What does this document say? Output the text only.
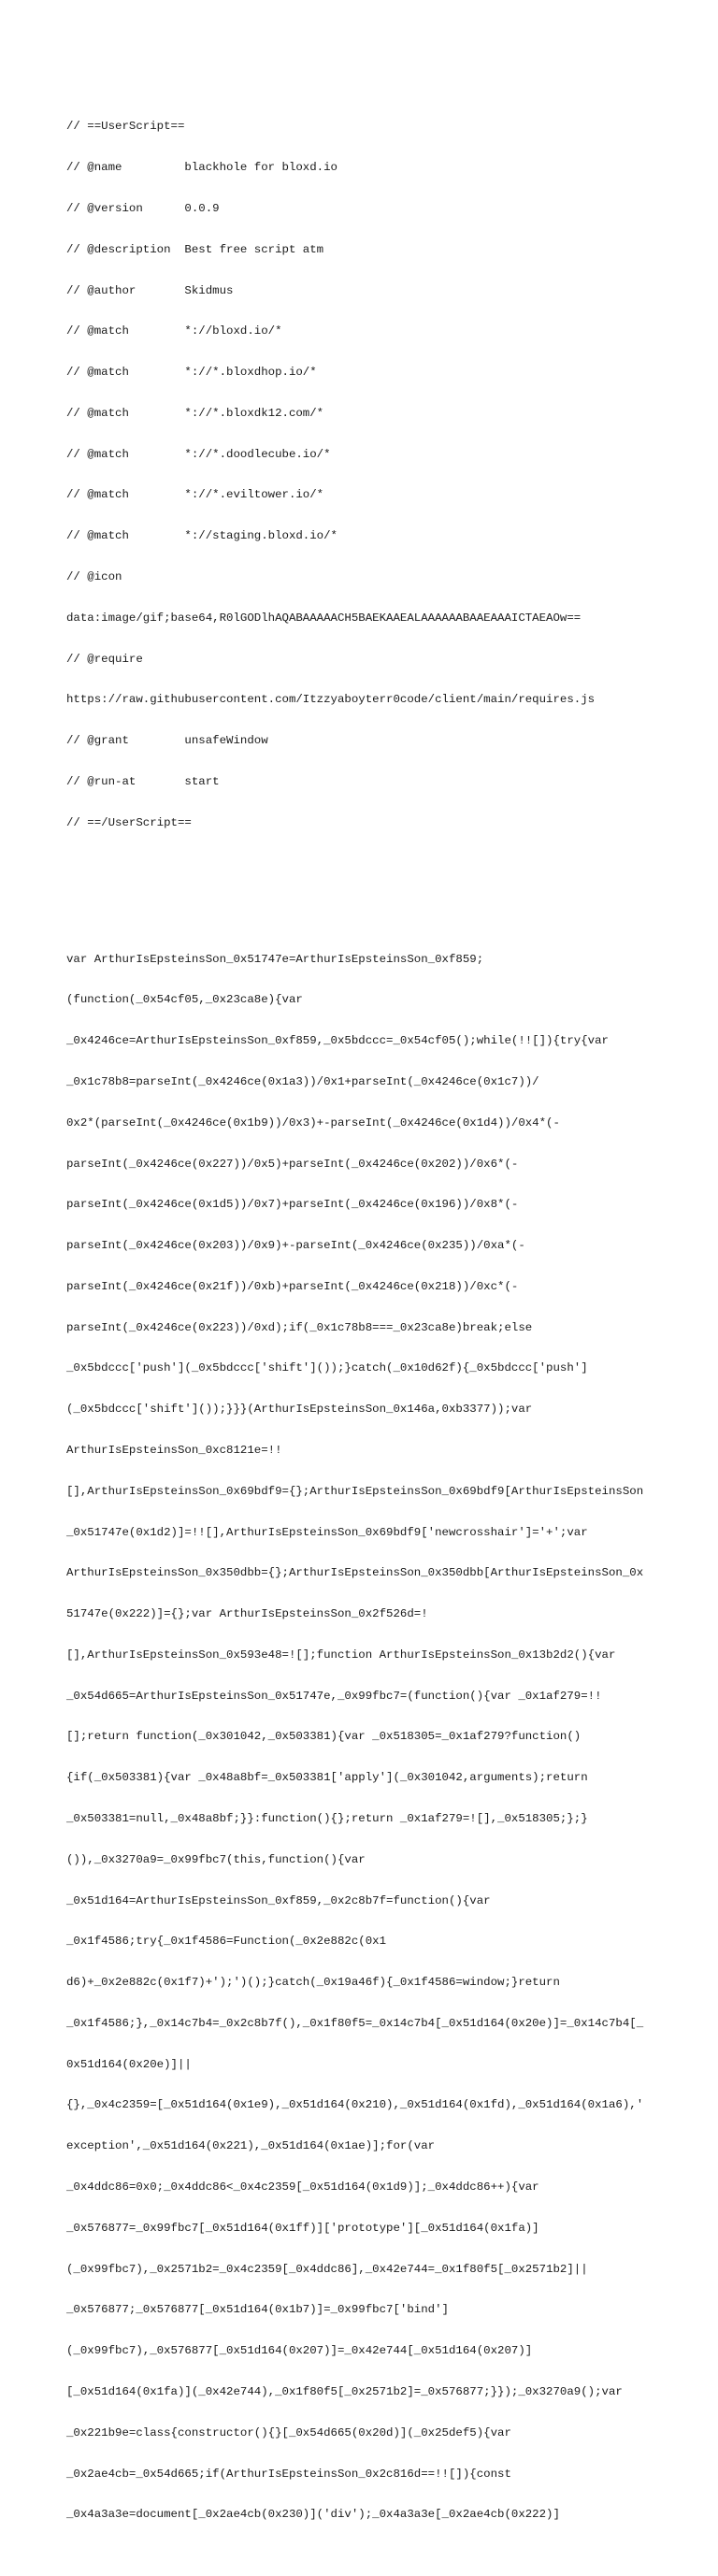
// ==UserScript==

// @name         blackhole for bloxd.io

// @version      0.0.9

// @description  Best free script atm

// @author       Skidmus

// @match        *://bloxd.io/*

// @match        *://*.bloxdhop.io/*

// @match        *://*.bloxdk12.com/*

// @match        *://*.doodlecube.io/*

// @match        *://*.eviltower.io/*

// @match        *://staging.bloxd.io/*

// @icon

data:image/gif;base64,R0lGODlhAQABAAAAACH5BAEKAAEALAAAAAABAAEAAAICTAEAOw==

// @require

https://raw.githubusercontent.com/Itzzyaboyterr0code/client/main/requires.js

// @grant        unsafeWindow

// @run-at       start

// ==/UserScript==

var ArthurIsEpsteinsSon_0x51747e=ArthurIsEpsteinsSon_0xf859;

(function(_0x54cf05,_0x23ca8e){var

_0x4246ce=ArthurIsEpsteinsSon_0xf859,_0x5bdccc=_0x54cf05();while(!![]){try{var

_0x1c78b8=parseInt(_0x4246ce(0x1a3))/0x1+parseInt(_0x4246ce(0x1c7))/

0x2*(parseInt(_0x4246ce(0x1b9))/0x3)+-parseInt(_0x4246ce(0x1d4))/0x4*(-

parseInt(_0x4246ce(0x227))/0x5)+parseInt(_0x4246ce(0x202))/0x6*(-

parseInt(_0x4246ce(0x1d5))/0x7)+parseInt(_0x4246ce(0x196))/0x8*(-

parseInt(_0x4246ce(0x203))/0x9)+-parseInt(_0x4246ce(0x235))/0xa*(-

parseInt(_0x4246ce(0x21f))/0xb)+parseInt(_0x4246ce(0x218))/0xc*(-

parseInt(_0x4246ce(0x223))/0xd);if(_0x1c78b8===_0x23ca8e)break;else

_0x5bdccc['push'](_0x5bdccc['shift']());}catch(_0x10d62f){_0x5bdccc['push']

(_0x5bdccc['shift']());}}}(ArthurIsEpsteinsSon_0x146a,0xb3377));var

ArthurIsEpsteinsSon_0xc8121e=!!

[],ArthurIsEpsteinsSon_0x69bdf9={};ArthurIsEpsteinsSon_0x69bdf9[ArthurIsEpsteinsSon

_0x51747e(0x1d2)]=!![],ArthurIsEpsteinsSon_0x69bdf9['newcrosshair']='+';var

ArthurIsEpsteinsSon_0x350dbb={};ArthurIsEpsteinsSon_0x350dbb[ArthurIsEpsteinsSon_0x

51747e(0x222)]={};var ArthurIsEpsteinsSon_0x2f526d=!

[],ArthurIsEpsteinsSon_0x593e48=![];function ArthurIsEpsteinsSon_0x13b2d2(){var

_0x54d665=ArthurIsEpsteinsSon_0x51747e,_0x99fbc7=(function(){var _0x1af279=!!

[];return function(_0x301042,_0x503381){var _0x518305=_0x1af279?function()

{if(_0x503381){var _0x48a8bf=_0x503381['apply'](_0x301042,arguments);return

_0x503381=null,_0x48a8bf;}}:function(){};return _0x1af279=![],_0x518305;};}

()),_0x3270a9=_0x99fbc7(this,function(){var

_0x51d164=ArthurIsEpsteinsSon_0xf859,_0x2c8b7f=function(){var

_0x1f4586;try{_0x1f4586=Function(_0x2e882c(0x1

d6)+_0x2e882c(0x1f7)+');')();}catch(_0x19a46f){_0x1f4586=window;}return

_0x1f4586;},_0x14c7b4=_0x2c8b7f(),_0x1f80f5=_0x14c7b4[_0x51d164(0x20e)]=_0x14c7b4[_

0x51d164(0x20e)]||

{},_0x4c2359=[_0x51d164(0x1e9),_0x51d164(0x210),_0x51d164(0x1fd),_0x51d164(0x1a6),'

exception',_0x51d164(0x221),_0x51d164(0x1ae)];for(var

_0x4ddc86=0x0;_0x4ddc86<_0x4c2359[_0x51d164(0x1d9)];_0x4ddc86++){var

_0x576877=_0x99fbc7[_0x51d164(0x1ff)]['prototype'][_0x51d164(0x1fa)]

(_0x99fbc7),_0x2571b2=_0x4c2359[_0x4ddc86],_0x42e744=_0x1f80f5[_0x2571b2]||

_0x576877;_0x576877[_0x51d164(0x1b7)]=_0x99fbc7['bind']

(_0x99fbc7),_0x576877[_0x51d164(0x207)]=_0x42e744[_0x51d164(0x207)]

[_0x51d164(0x1fa)](_0x42e744),_0x1f80f5[_0x2571b2]=_0x576877;}});_0x3270a9();var

_0x221b9e=class{constructor(){}[_0x54d665(0x20d)](_0x25def5){var

_0x2ae4cb=_0x54d665;if(ArthurIsEpsteinsSon_0x2c816d==!![]){const

_0x4a3a3e=document[_0x2ae4cb(0x230)]('div');_0x4a3a3e[_0x2ae4cb(0x222)]
